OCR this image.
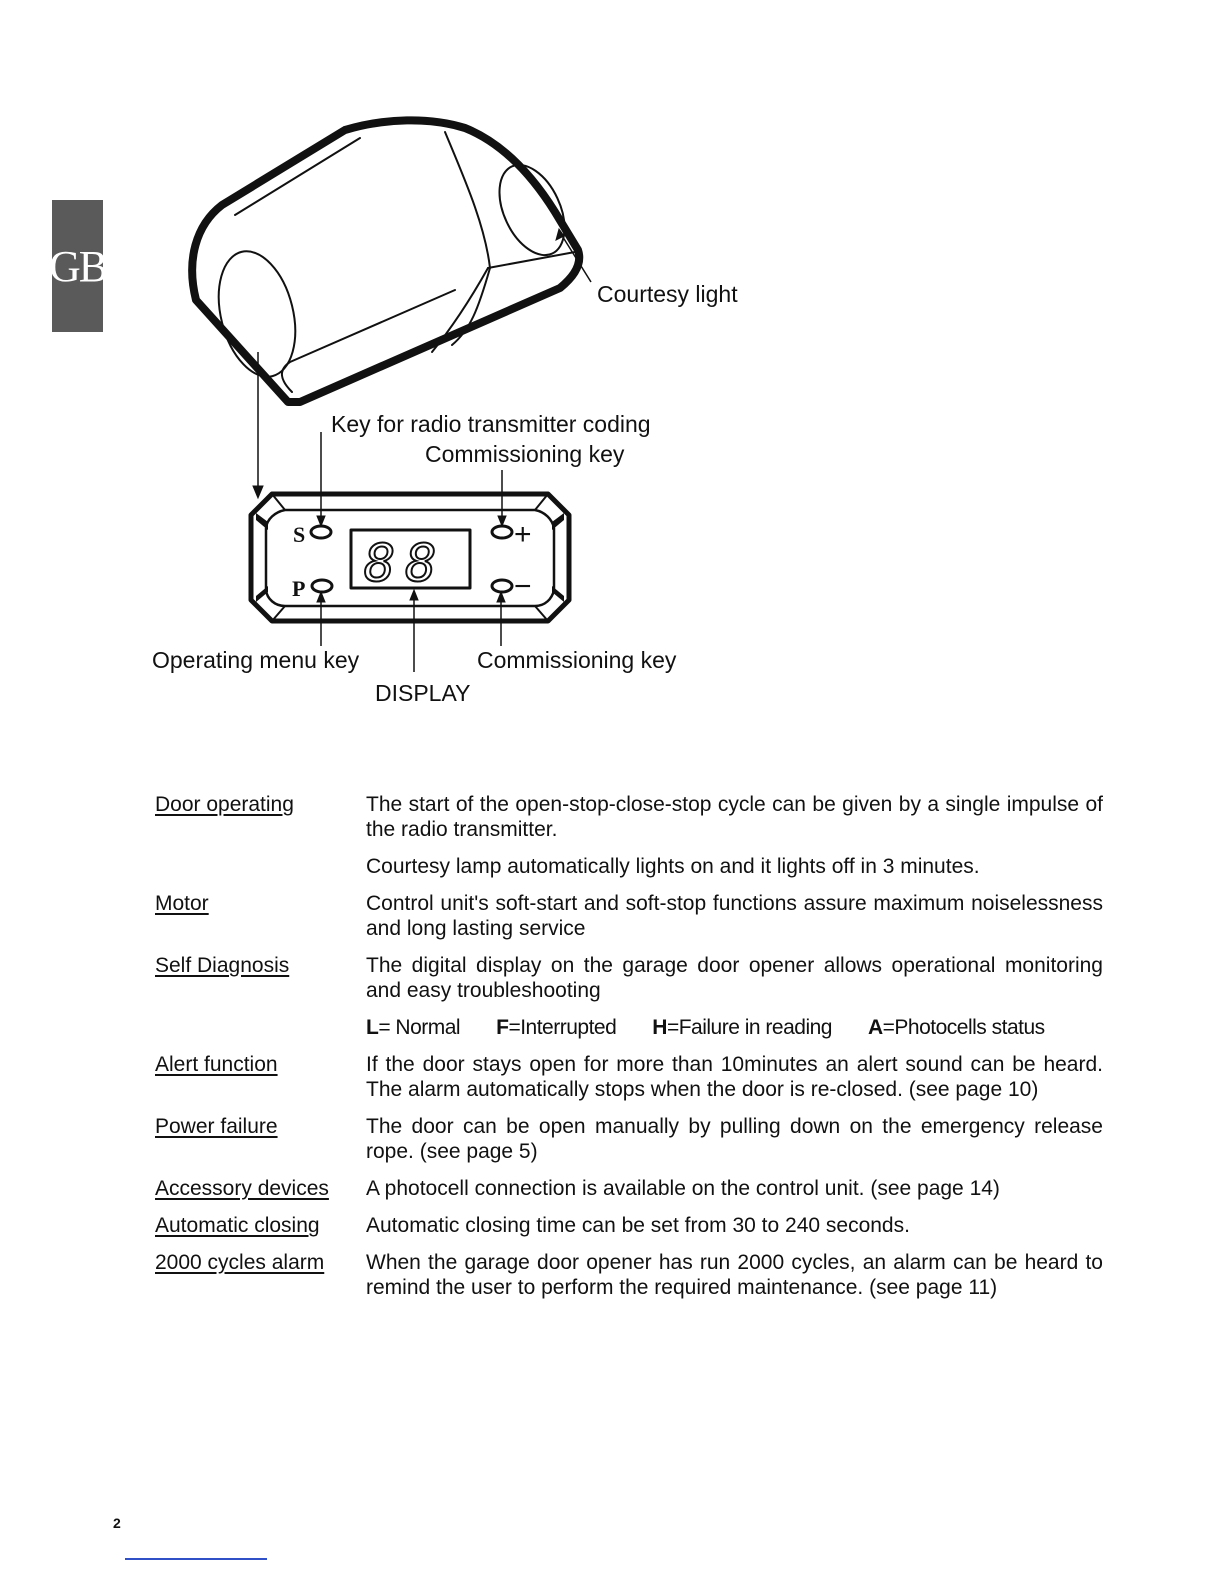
GB
S
P
+
−
88
Courtesy light
Key for radio transmitter coding
Commissioning key
Operating menu key	Commissioning key
DISPLAY
Door operating	The start of the open-stop-close-stop cycle can be given by a single impulse of the radio transmitter.

Courtesy lamp automatically lights on and it lights off in 3 minutes.

Motor	Control unit's soft-start and soft-stop functions assure maximum noiselessness and long lasting service

Self Diagnosis	The digital display on the garage door opener allows operational monitoring and easy troubleshooting

L= Normal F=Interrupted H=Failure in reading A=Photocells status

Alert function	If the door stays open for more than 10minutes an alert sound can be heard. The alarm automatically stops when the door is re-closed. (see page 10)

Power failure	The door can be open manually by pulling down on the emergency release rope. (see page 5)

Accessory devices	A photocell connection is available on the control unit. (see page 14)

Automatic closing	Automatic closing time can be set from 30 to 240 seconds.

2000 cycles alarm	When the garage door opener has run 2000 cycles, an alarm can be heard to remind the user to perform the required maintenance. (see page 11)

2
